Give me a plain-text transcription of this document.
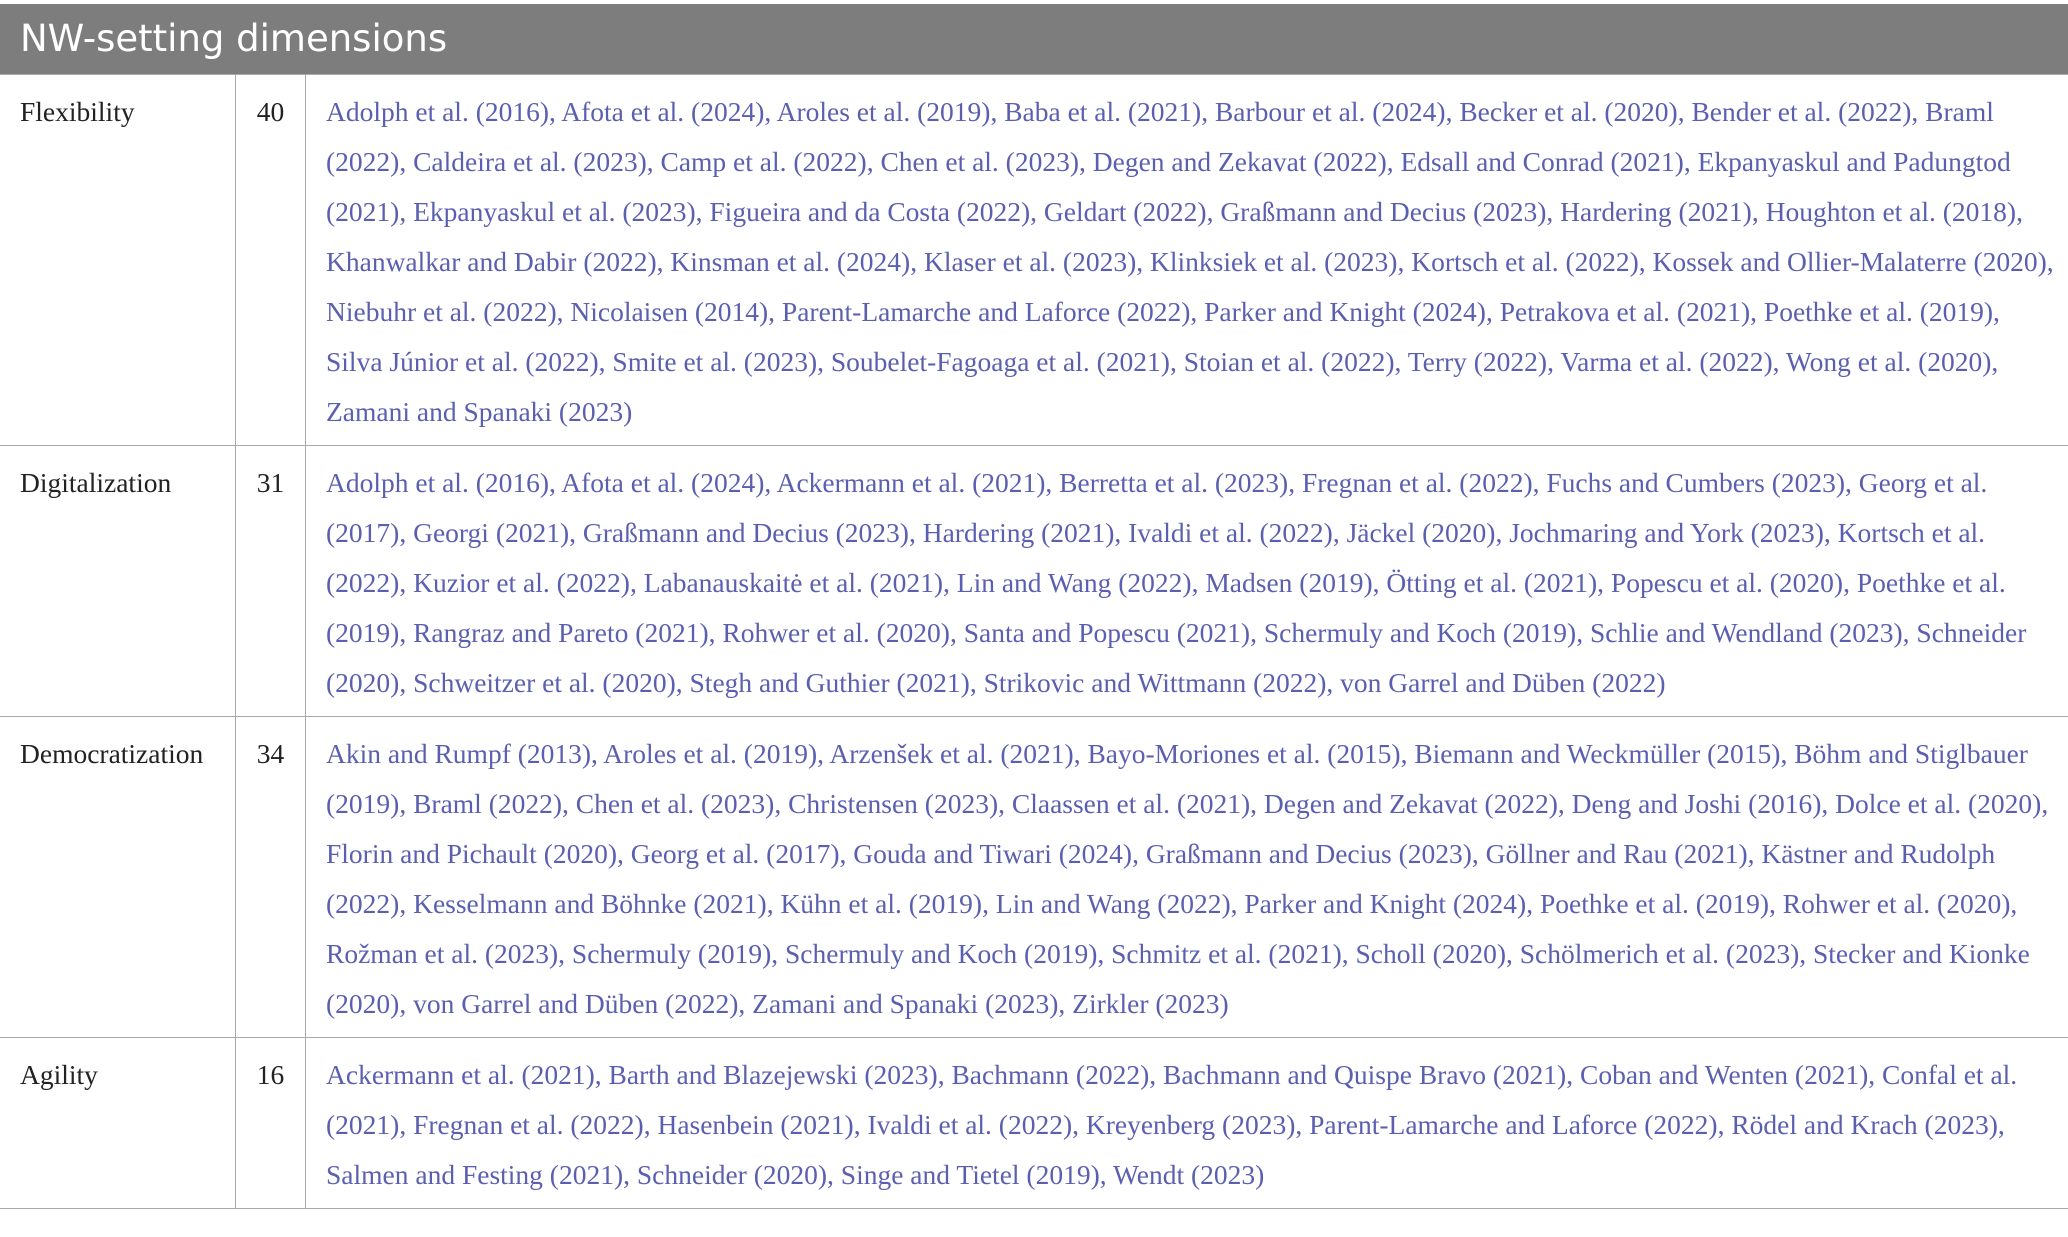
NW-setting dimensions
Flexibility	40	Adolph et al. (2016), Afota et al. (2024), Aroles et al. (2019), Baba et al. (2021), Barbour et al. (2024), Becker et al. (2020), Bender et al. (2022), Braml (2022), Caldeira et al. (2023), Camp et al. (2022), Chen et al. (2023), Degen and Zekavat (2022), Edsall and Conrad (2021), Ekpanyaskul and Padungtod (2021), Ekpanyaskul et al. (2023), Figueira and da Costa (2022), Geldart (2022), Graßmann and Decius (2023), Hardering (2021), Houghton et al. (2018), Khanwalkar and Dabir (2022), Kinsman et al. (2024), Klaser et al. (2023), Klinksiek et al. (2023), Kortsch et al. (2022), Kossek and Ollier-Malaterre (2020), Niebuhr et al. (2022), Nicolaisen (2014), Parent-Lamarche and Laforce (2022), Parker and Knight (2024), Petrakova et al. (2021), Poethke et al. (2019), Silva Júnior et al. (2022), Smite et al. (2023), Soubelet-Fagoaga et al. (2021), Stoian et al. (2022), Terry (2022), Varma et al. (2022), Wong et al. (2020), Zamani and Spanaki (2023)
Digitalization	31	Adolph et al. (2016), Afota et al. (2024), Ackermann et al. (2021), Berretta et al. (2023), Fregnan et al. (2022), Fuchs and Cumbers (2023), Georg et al. (2017), Georgi (2021), Graßmann and Decius (2023), Hardering (2021), Ivaldi et al. (2022), Jäckel (2020), Jochmaring and York (2023), Kortsch et al. (2022), Kuzior et al. (2022), Labanauskaitė et al. (2021), Lin and Wang (2022), Madsen (2019), Ötting et al. (2021), Popescu et al. (2020), Poethke et al. (2019), Rangraz and Pareto (2021), Rohwer et al. (2020), Santa and Popescu (2021), Schermuly and Koch (2019), Schlie and Wendland (2023), Schneider (2020), Schweitzer et al. (2020), Stegh and Guthier (2021), Strikovic and Wittmann (2022), von Garrel and Düben (2022)
Democratization	34	Akin and Rumpf (2013), Aroles et al. (2019), Arzenšek et al. (2021), Bayo-Moriones et al. (2015), Biemann and Weckmüller (2015), Böhm and Stiglbauer (2019), Braml (2022), Chen et al. (2023), Christensen (2023), Claassen et al. (2021), Degen and Zekavat (2022), Deng and Joshi (2016), Dolce et al. (2020), Florin and Pichault (2020), Georg et al. (2017), Gouda and Tiwari (2024), Graßmann and Decius (2023), Göllner and Rau (2021), Kästner and Rudolph (2022), Kesselmann and Böhnke (2021), Kühn et al. (2019), Lin and Wang (2022), Parker and Knight (2024), Poethke et al. (2019), Rohwer et al. (2020), Rožman et al. (2023), Schermuly (2019), Schermuly and Koch (2019), Schmitz et al. (2021), Scholl (2020), Schölmerich et al. (2023), Stecker and Kionke (2020), von Garrel and Düben (2022), Zamani and Spanaki (2023), Zirkler (2023)
Agility	16	Ackermann et al. (2021), Barth and Blazejewski (2023), Bachmann (2022), Bachmann and Quispe Bravo (2021), Coban and Wenten (2021), Confal et al. (2021), Fregnan et al. (2022), Hasenbein (2021), Ivaldi et al. (2022), Kreyenberg (2023), Parent-Lamarche and Laforce (2022), Rödel and Krach (2023), Salmen and Festing (2021), Schneider (2020), Singe and Tietel (2019), Wendt (2023)
